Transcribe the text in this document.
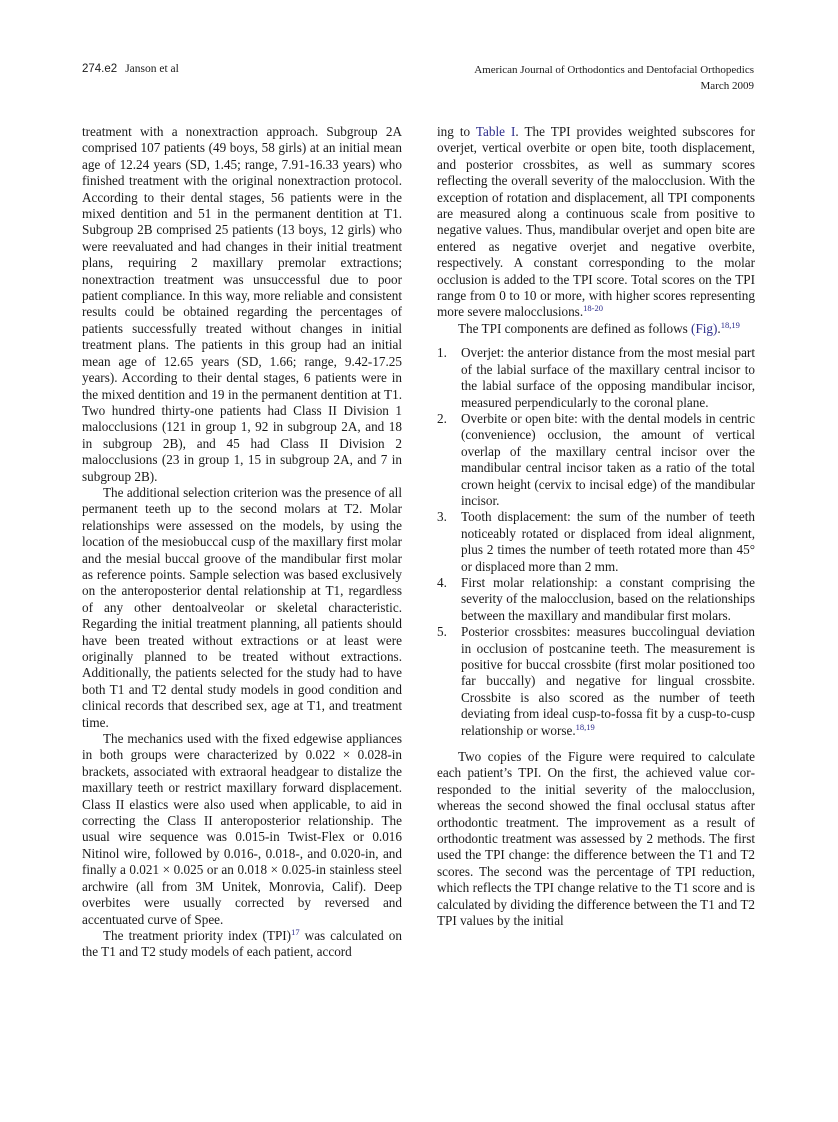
274.e2 Janson et al	American Journal of Orthodontics and Dentofacial Orthopedics
March 2009

treatment with a nonextraction approach. Subgroup 2A comprised 107 patients (49 boys, 58 girls) at an initial mean age of 12.24 years (SD, 1.45; range, 7.91-16.33 years) who finished treatment with the original nonextraction protocol. According to their dental stages, 56 patients were in the mixed dentition and 51 in the permanent dentition at T1. Subgroup 2B comprised 25 patients (13 boys, 12 girls) who were reevaluated and had changes in their initial treatment plans, requiring 2 maxillary premolar extractions; nonextraction treatment was unsuccessful due to poor patient compliance. In this way, more reliable and consistent results could be obtained regarding the percentages of patients successfully treated without changes in initial treatment plans. The patients in this group had an initial mean age of 12.65 years (SD, 1.66; range, 9.42-17.25 years). According to their dental stages, 6 patients were in the mixed dentition and 19 in the permanent dentition at T1. Two hundred thirty-one patients had Class II Division 1 malocclusions (121 in group 1, 92 in subgroup 2A, and 18 in subgroup 2B), and 45 had Class II Division 2 malocclusions (23 in group 1, 15 in subgroup 2A, and 7 in subgroup 2B).

The additional selection criterion was the presence of all permanent teeth up to the second molars at T2. Molar relationships were assessed on the models, by using the location of the mesiobuccal cusp of the maxillary first molar and the mesial buccal groove of the mandibular first molar as reference points. Sample selection was based exclusively on the anteroposterior dental relationship at T1, regardless of any other dentoalveolar or skeletal characteristic. Regarding the initial treatment planning, all patients should have been treated without extractions or at least were originally planned to be treated without extractions. Additionally, the patients selected for the study had to have both T1 and T2 dental study models in good condition and clinical records that described sex, age at T1, and treatment time.

The mechanics used with the fixed edgewise appliances in both groups were characterized by 0.022 × 0.028-in brackets, associated with extraoral headgear to distalize the maxillary teeth or restrict maxillary forward displacement. Class II elastics were also used when applicable, to aid in correcting the Class II anteroposterior relationship. The usual wire sequence was 0.015-in Twist-Flex or 0.016 Nitinol wire, followed by 0.016-, 0.018-, and 0.020-in, and finally a 0.021 × 0.025 or an 0.018 × 0.025-in stainless steel archwire (all from 3M Unitek, Monrovia, Calif). Deep overbites were usually corrected by reversed and accentuated curve of Spee.

The treatment priority index (TPI)$^{17}$ was calculated on the T1 and T2 study models of each patient, accord

ing to Table I. The TPI provides weighted subscores for overjet, vertical overbite or open bite, tooth displacement, and posterior crossbites, as well as summary scores reflecting the overall severity of the malocclusion. With the exception of rotation and displacement, all TPI components are measured along a continuous scale from positive to negative values. Thus, mandibular overjet and open bite are entered as negative overjet and negative overbite, respectively. A constant corresponding to the molar occlusion is added to the TPI score. Total scores on the TPI range from 0 to 10 or more, with higher scores representing more severe malocclusions.$^{18-20}$

The TPI components are defined as follows (Fig).$^{18,19}$

1. Overjet: the anterior distance from the most mesial part of the labial surface of the maxillary central incisor to the labial surface of the opposing mandibular incisor, measured perpendicularly to the coronal plane.
2. Overbite or open bite: with the dental models in centric (convenience) occlusion, the amount of vertical overlap of the maxillary central incisor over the mandibular central incisor taken as a ratio of the total crown height (cervix to incisal edge) of the mandibular incisor.
3. Tooth displacement: the sum of the number of teeth noticeably rotated or displaced from ideal alignment, plus 2 times the number of teeth rotated more than 45° or displaced more than 2 mm.
4. First molar relationship: a constant comprising the severity of the malocclusion, based on the relationships between the maxillary and mandibular first molars.
5. Posterior crossbites: measures buccolingual deviation in occlusion of postcanine teeth. The measurement is positive for buccal crossbite (first molar positioned too far buccally) and negative for lingual crossbite. Crossbite is also scored as the number of teeth deviating from ideal cusp-to-fossa fit by a cusp-to-cusp relationship or worse.$^{18,19}$

Two copies of the Figure were required to calculate each patient’s TPI. On the first, the achieved value corresponded to the initial severity of the malocclusion, whereas the second showed the final occlusal status after orthodontic treatment. The improvement as a result of orthodontic treatment was assessed by 2 methods. The first used the TPI change: the difference between the T1 and T2 scores. The second was the percentage of TPI reduction, which reflects the TPI change relative to the T1 score and is calculated by dividing the difference between the T1 and T2 TPI values by the initial
